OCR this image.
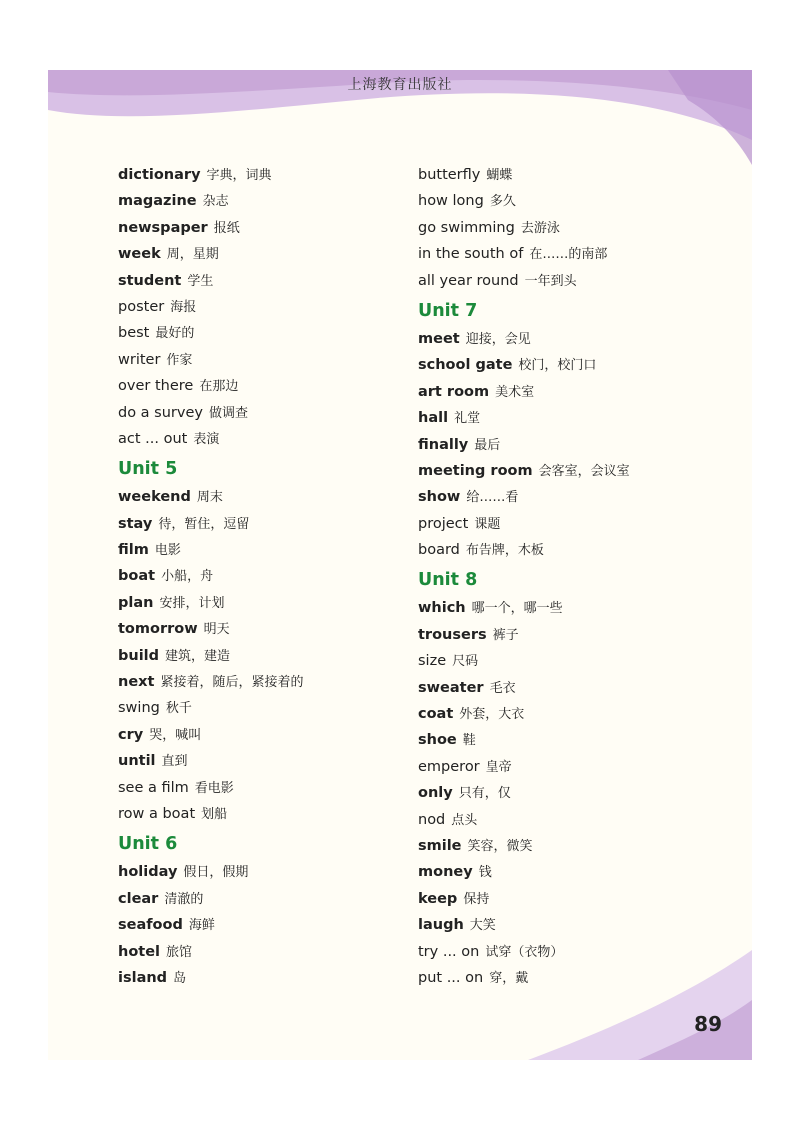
上海教育出版社
dictionary 字典，词典
magazine 杂志
newspaper 报纸
week 周，星期
student 学生
poster 海报
best 最好的
writer 作家
over there 在那边
do a survey 做调查
act ... out 表演
Unit 5
weekend 周末
stay 待，暂住，逗留
film 电影
boat 小船，舟
plan 安排，计划
tomorrow 明天
build 建筑，建造
next 紧接着，随后，紧接着的
swing 秋千
cry 哭，喊叫
until 直到
see a film 看电影
row a boat 划船
Unit 6
holiday 假日，假期
clear 清澈的
seafood 海鲜
hotel 旅馆
island 岛
butterfly 蝴蝶
how long 多久
go swimming 去游泳
in the south of 在……的南部
all year round 一年到头
Unit 7
meet 迎接，会见
school gate 校门，校门口
art room 美术室
hall 礼堂
finally 最后
meeting room 会客室，会议室
show 给……看
project 课题
board 布告牌，木板
Unit 8
which 哪一个，哪一些
trousers 裤子
size 尺码
sweater 毛衣
coat 外套，大衣
shoe 鞋
emperor 皇帝
only 只有，仅
nod 点头
smile 笑容，微笑
money 钱
keep 保持
laugh 大笑
try ... on 试穿（衣物）
put ... on 穿，戴
89
